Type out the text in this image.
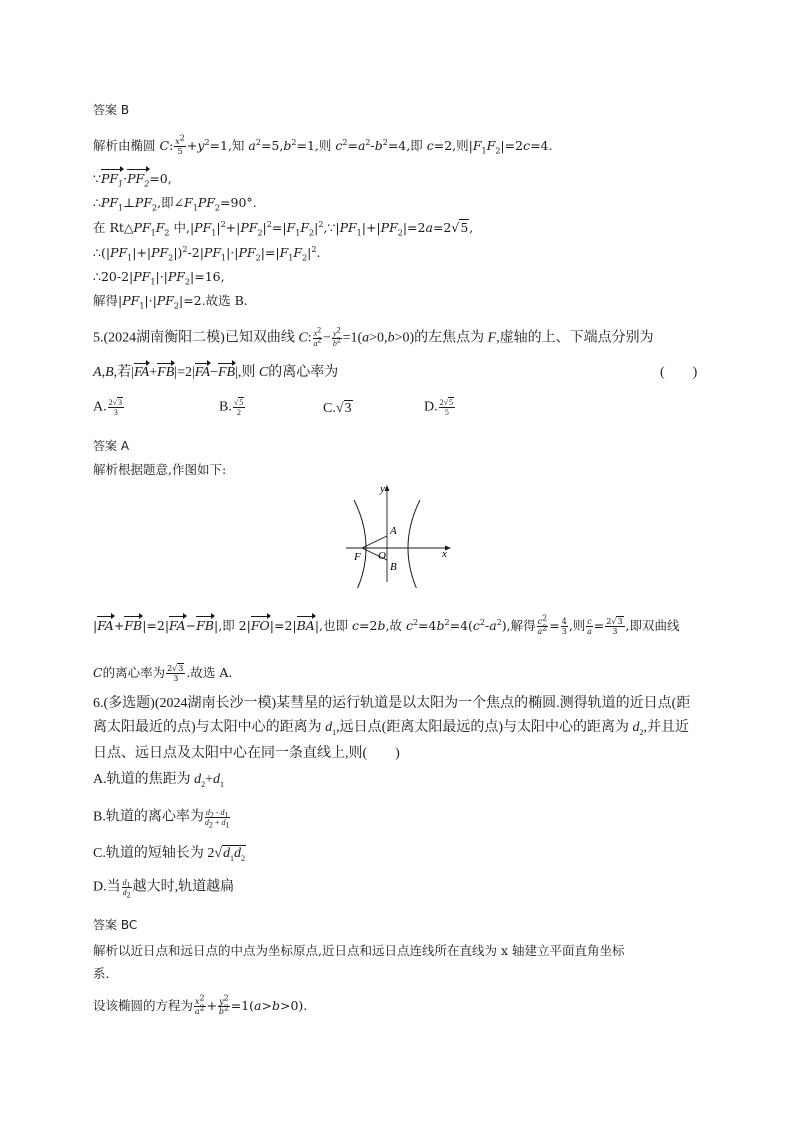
答案 B
解析由椭圆 C: $\frac{x^2}{5} +y^2=1$,知 $a^2=5,b^2=1$,则 $c^2=a^2-b^2=4$,即 c=2,则$|F_1F_2|=2c=4$.
$\because PF_1\cdot PF_2=0$,
$\therefore PF_1\perp PF_2$,即$\angle F_1PF_2=90^\circ$.
在 $Rt\triangle PF_1F_2$ 中$,|PF_1|^2+|PF_2|^2=|F_1F_2|^2,\because|PF_1|+|PF_2|=2a=2√5$,
$\therefore(|PF_1|+|PF_2|)^2-2|PF_1|\cdot|PF_2|=|F_1F_2|^2$.
$\therefore 20-2|PF_1|\cdot|PF_2|=16$,
解得$|PF_1|\cdot|PF_2|=2$.故选 B.
5.(2024湖南衡阳二模)已知双曲线 C: $\frac{x^2}{a^2} - \frac{y^2}{b^2} =1(a>0,b>0)$的左焦点为 F,虚轴的上、下端点分别为
A,B,若|FA+FB|=2|FA−FB|,则 C的离心率为	(　　)
A. $\frac{2√3}{3}$	B. $\frac{√5}{2}$	C.√3	D. $\frac{2√5}{5}$
答案 A
解析根据题意,作图如下:
y
x
A
B
F O
|FA+FB|=2|FA−FB|,即 2|FO|=2|BA|,也即 c=2b,故 $c^2=4b^2=4(c^2-a^2)$,解得 $\frac{c^2}{a^2} = \frac{4}{3}$ ,则 $\frac{c}{a} = \frac{2√3}{3}$ ,即双曲线
C的离心率为 $\frac{2√3}{3}$ .故选 A.
6.(多选题)(2024湖南长沙一模)某彗星的运行轨道是以太阳为一个焦点的椭圆.测得轨道的近日点(距
离太阳最近的点)与太阳中心的距离为 $d_1$,远日点(距离太阳最远的点)与太阳中心的距离为 $d_2$,并且近
日点、远日点及太阳中心在同一条直线上,则(　　)
A.轨道的焦距为 $d_2+d_1$
B.轨道的离心率为 $\frac{d_2 - d_1}{d_2 + d_1}$
C.轨道的短轴长为 $2√d_1d_2$
D.当 $\frac{d_1}{d_2}$ 越大时,轨道越扁
答案 BC
解析以近日点和远日点的中点为坐标原点,近日点和远日点连线所在直线为 x 轴建立平面直角坐标
系.
设该椭圆的方程为 $\frac{x^2}{a^2} + \frac{y^2}{b^2} =1(a>b>0)$.
